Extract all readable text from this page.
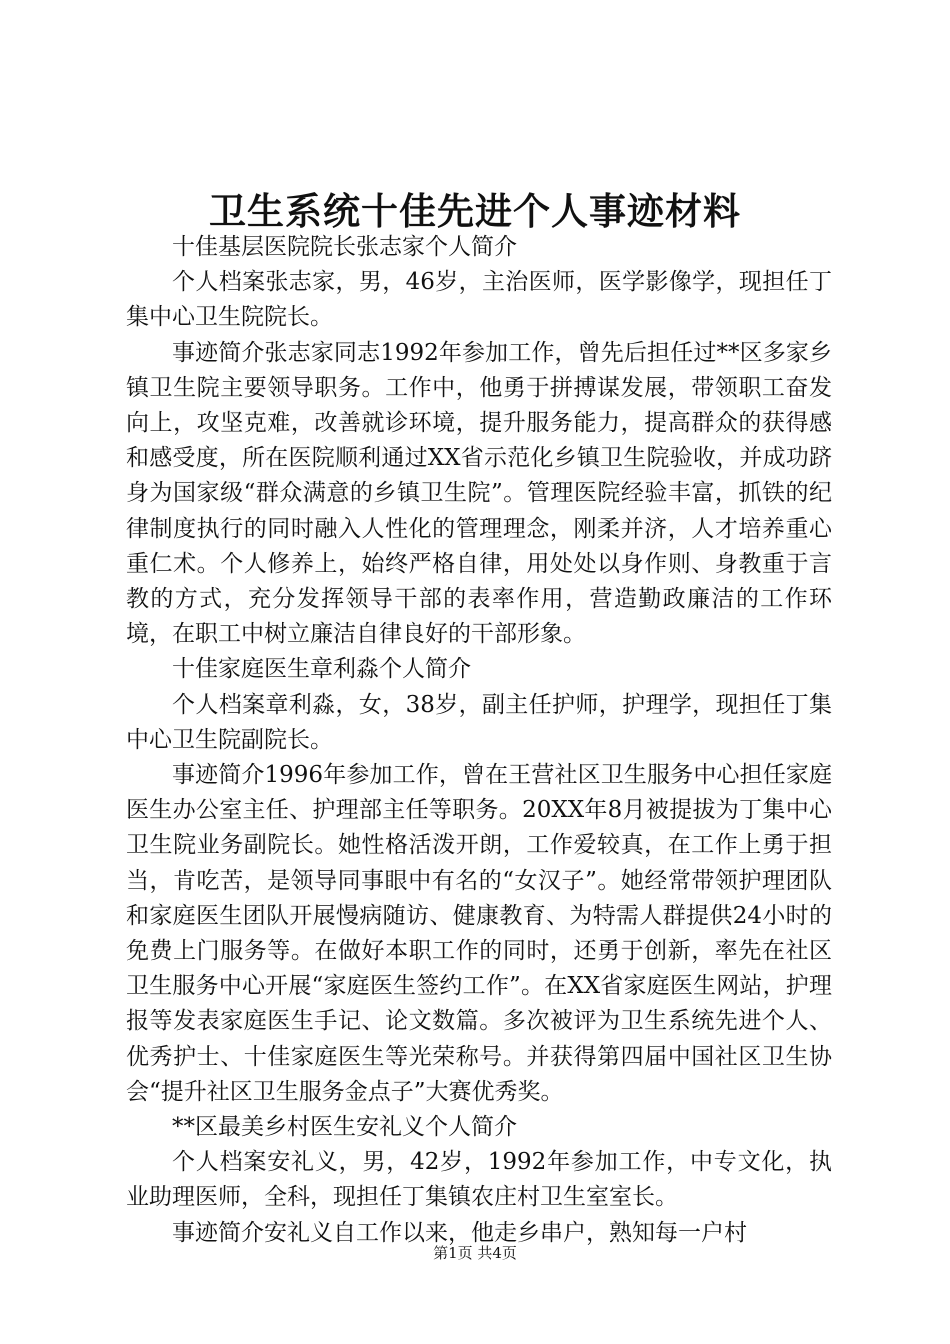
卫生系统十佳先进个人事迹材料

十佳基层医院院长张志家个人简介

个人档案张志家，男，46岁，主治医师，医学影像学，现担任丁集中心卫生院院长。

事迹简介张志家同志1992年参加工作，曾先后担任过**区多家乡镇卫生院主要领导职务。工作中，他勇于拼搏谋发展，带领职工奋发向上，攻坚克难，改善就诊环境，提升服务能力，提高群众的获得感和感受度，所在医院顺利通过XX省示范化乡镇卫生院验收，并成功跻身为国家级“群众满意的乡镇卫生院”。管理医院经验丰富，抓铁的纪律制度执行的同时融入人性化的管理理念，刚柔并济，人才培养重心重仁术。个人修养上，始终严格自律，用处处以身作则、身教重于言教的方式，充分发挥领导干部的表率作用，营造勤政廉洁的工作环境，在职工中树立廉洁自律良好的干部形象。

十佳家庭医生章利淼个人简介

个人档案章利淼，女，38岁，副主任护师，护理学，现担任丁集中心卫生院副院长。

事迹简介1996年参加工作，曾在王营社区卫生服务中心担任家庭医生办公室主任、护理部主任等职务。20XX年8月被提拔为丁集中心卫生院业务副院长。她性格活泼开朗，工作爱较真，在工作上勇于担当，肯吃苦，是领导同事眼中有名的“女汉子”。她经常带领护理团队和家庭医生团队开展慢病随访、健康教育、为特需人群提供24小时的免费上门服务等。在做好本职工作的同时，还勇于创新，率先在社区卫生服务中心开展“家庭医生签约工作”。在XX省家庭医生网站，护理报等发表家庭医生手记、论文数篇。多次被评为卫生系统先进个人、优秀护士、十佳家庭医生等光荣称号。并获得第四届中国社区卫生协会“提升社区卫生服务金点子”大赛优秀奖。

**区最美乡村医生安礼义个人简介

个人档案安礼义，男，42岁，1992年参加工作，中专文化，执业助理医师，全科，现担任丁集镇农庄村卫生室室长。

事迹简介安礼义自工作以来，他走乡串户，熟知每一户村

第1页 共4页
